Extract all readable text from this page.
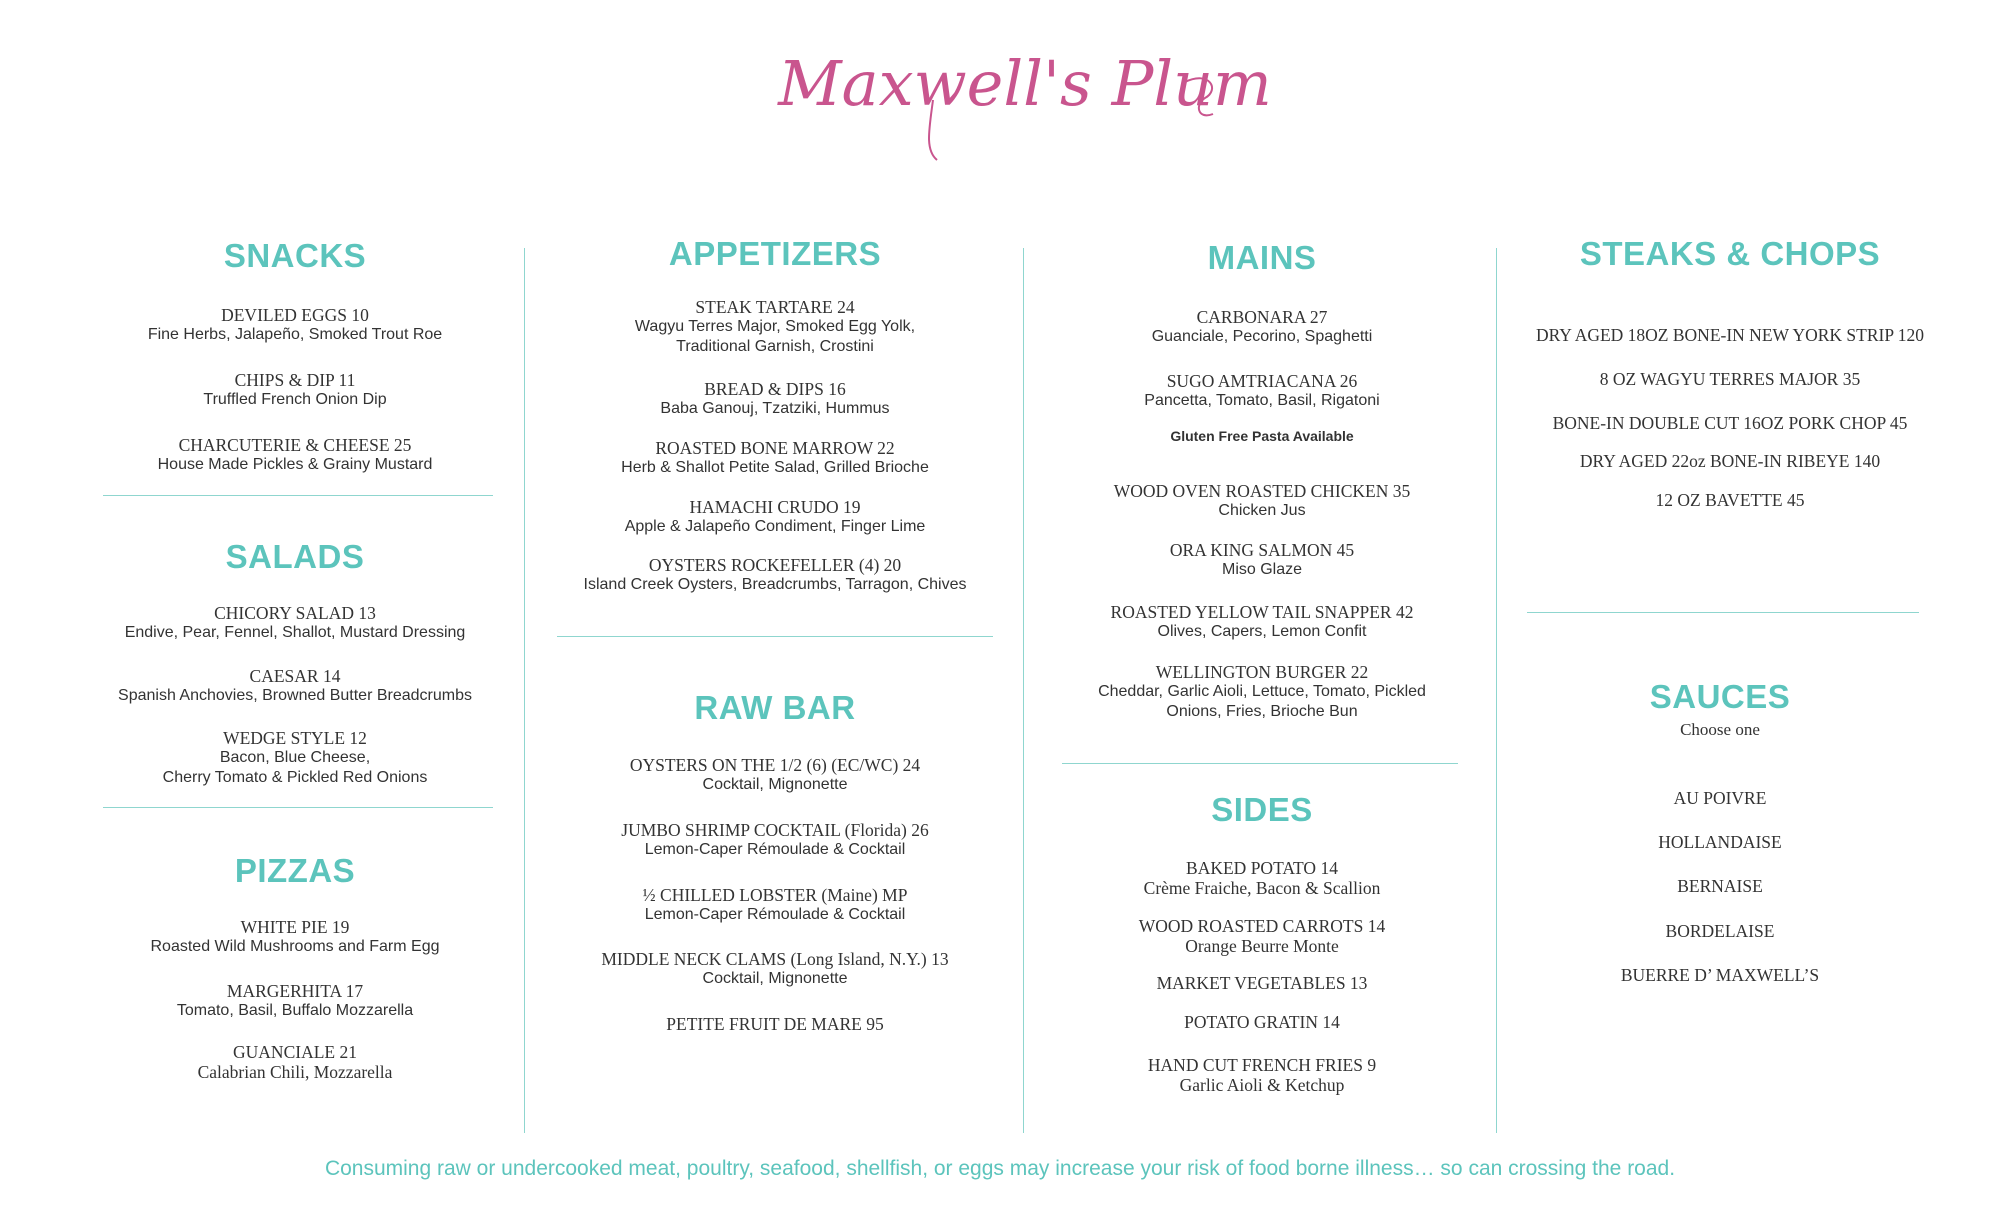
Maxwell's Plum
SNACKS
DEVILED EGGS 10
Fine Herbs, Jalapeño, Smoked Trout Roe
CHIPS & DIP 11
Truffled French Onion Dip
CHARCUTERIE & CHEESE 25
House Made Pickles & Grainy Mustard
SALADS
CHICORY SALAD 13
Endive, Pear, Fennel, Shallot, Mustard Dressing
CAESAR 14
Spanish Anchovies, Browned Butter Breadcrumbs
WEDGE STYLE 12
Bacon, Blue Cheese,
Cherry Tomato & Pickled Red Onions
PIZZAS
WHITE PIE 19
Roasted Wild Mushrooms and Farm Egg
MARGERHITA 17
Tomato, Basil, Buffalo Mozzarella
GUANCIALE 21
Calabrian Chili, Mozzarella
APPETIZERS
STEAK TARTARE 24
Wagyu Terres Major, Smoked Egg Yolk,
Traditional Garnish, Crostini
BREAD & DIPS 16
Baba Ganouj, Tzatziki, Hummus
ROASTED BONE MARROW 22
Herb & Shallot Petite Salad, Grilled Brioche
HAMACHI CRUDO 19
Apple & Jalapeño Condiment, Finger Lime
OYSTERS ROCKEFELLER (4) 20
Island Creek Oysters, Breadcrumbs, Tarragon, Chives
RAW BAR
OYSTERS ON THE 1/2 (6) (EC/WC) 24
Cocktail, Mignonette
JUMBO SHRIMP COCKTAIL (Florida) 26
Lemon-Caper Rémoulade & Cocktail
½ CHILLED LOBSTER (Maine) MP
Lemon-Caper Rémoulade & Cocktail
MIDDLE NECK CLAMS (Long Island, N.Y.) 13
Cocktail, Mignonette
PETITE FRUIT DE MARE 95
MAINS
CARBONARA 27
Guanciale, Pecorino, Spaghetti
SUGO AMTRIACANA 26
Pancetta, Tomato, Basil, Rigatoni
Gluten Free Pasta Available
WOOD OVEN ROASTED CHICKEN 35
Chicken Jus
ORA KING SALMON 45
Miso Glaze
ROASTED YELLOW TAIL SNAPPER 42
Olives, Capers, Lemon Confit
WELLINGTON BURGER 22
Cheddar, Garlic Aioli, Lettuce, Tomato, Pickled
Onions, Fries, Brioche Bun
SIDES
BAKED POTATO 14
Crème Fraiche, Bacon & Scallion
WOOD ROASTED CARROTS 14
Orange Beurre Monte
MARKET VEGETABLES 13
POTATO GRATIN 14
HAND CUT FRENCH FRIES 9
Garlic Aioli & Ketchup
STEAKS & CHOPS
DRY AGED 18OZ BONE-IN NEW YORK STRIP 120
8 OZ WAGYU TERRES MAJOR 35
BONE-IN DOUBLE CUT 16OZ PORK CHOP 45
DRY AGED 22oz BONE-IN RIBEYE 140
12 OZ BAVETTE 45
SAUCES
Choose one
AU POIVRE
HOLLANDAISE
BERNAISE
BORDELAISE
BUERRE D’ MAXWELL’S
Consuming raw or undercooked meat, poultry, seafood, shellfish, or eggs may increase your risk of food borne illness… so can crossing the road.
